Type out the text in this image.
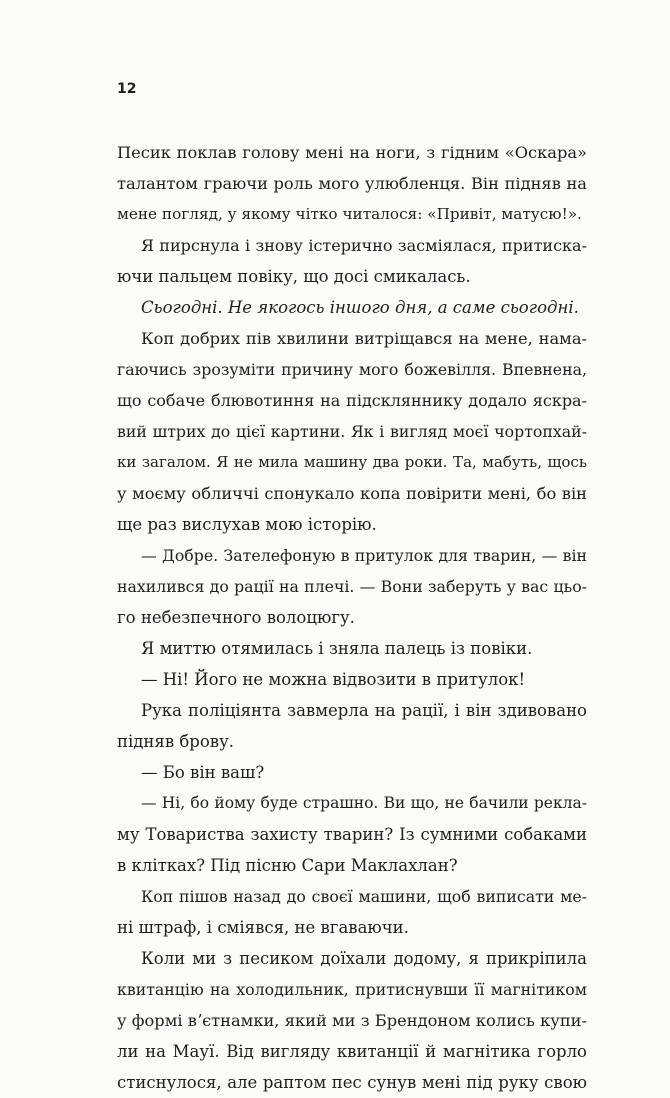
12
Песик поклав голову мені на ноги, з гідним «Оскара»
талантом граючи роль мого улюбленця. Він підняв на
мене погляд, у якому чітко читалося: «Привіт, матусю!».
Я пирснула і знову істерично засміялася, притиска-
ючи пальцем повіку, що досі смикалась.
Сьогодні. Не якогось іншого дня, а саме сьогодні.
Коп добрих пів хвилини витріщався на мене, нама-
гаючись зрозуміти причину мого божевілля. Впевнена,
що собаче блювотиння на підскляннику додало яскра-
вий штрих до цієї картини. Як і вигляд моєї чортопхай-
ки загалом. Я не мила машину два роки. Та, мабуть, щось
у моєму обличчі спонукало копа повірити мені, бо він
ще раз вислухав мою історію.
— Добре. Зателефоную в притулок для тварин, — він
нахилився до рації на плечі. — Вони заберуть у вас цьо-
го небезпечного волоцюгу.
Я миттю отямилась і зняла палець із повіки.
— Ні! Його не можна відвозити в притулок!
Рука поліціянта завмерла на рації, і він здивовано
підняв брову.
— Бо він ваш?
— Ні, бо йому буде страшно. Ви що, не бачили рекла-
му Товариства захисту тварин? Із сумними собаками
в клітках? Під пісню Сари Маклахлан?
Коп пішов назад до своєї машини, щоб виписати ме-
ні штраф, і сміявся, не вгаваючи.
Коли ми з песиком доїхали додому, я прикріпила
квитанцію на холодильник, притиснувши її магнітиком
у формі вʼєтнамки, який ми з Брендоном колись купи-
ли на Мауї. Від вигляду квитанції й магнітика горло
стиснулося, але раптом пес сунув мені під руку свою
